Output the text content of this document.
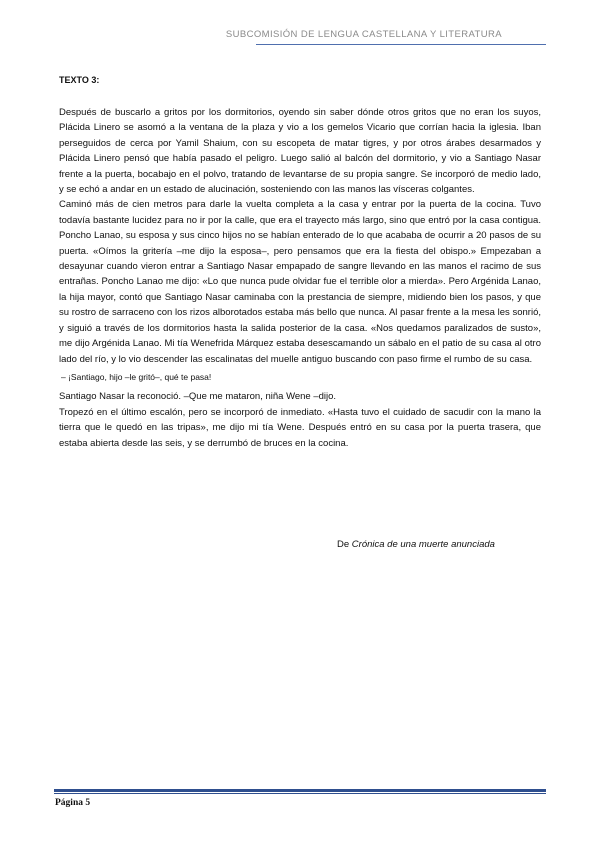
SUBCOMISIÓN DE LENGUA CASTELLANA Y LITERATURA
TEXTO 3:

Después de buscarlo a gritos por los dormitorios, oyendo sin saber dónde otros gritos que no eran los suyos, Plácida Linero se asomó a la ventana de la plaza y vio a los gemelos Vicario que corrían hacia la iglesia. Iban perseguidos de cerca por Yamil Shaium, con su escopeta de matar tigres, y por otros árabes desarmados y Plácida Linero pensó que había pasado el peligro. Luego salió al balcón del dormitorio, y vio a Santiago Nasar frente a la puerta, bocabajo en el polvo, tratando de levantarse de su propia sangre. Se incorporó de medio lado, y se echó a andar en un estado de alucinación, sosteniendo con las manos las vísceras colgantes.

Caminó más de cien metros para darle la vuelta completa a la casa y entrar por la puerta de la cocina. Tuvo todavía bastante lucidez para no ir por la calle, que era el trayecto más largo, sino que entró por la casa contigua. Poncho Lanao, su esposa y sus cinco hijos no se habían enterado de lo que acababa de ocurrir a 20 pasos de su puerta. «Oímos la gritería –me dijo la esposa–, pero pensamos que era la fiesta del obispo.» Empezaban a desayunar cuando vieron entrar a Santiago Nasar empapado de sangre llevando en las manos el racimo de sus entrañas. Poncho Lanao me dijo: «Lo que nunca pude olvidar fue el terrible olor a mierda». Pero Argénida Lanao, la hija mayor, contó que Santiago Nasar caminaba con la prestancia de siempre, midiendo bien los pasos, y que su rostro de sarraceno con los rizos alborotados estaba más bello que nunca. Al pasar frente a la mesa les sonrió, y siguió a través de los dormitorios hasta la salida posterior de la casa. «Nos quedamos paralizados de susto», me dijo Argénida Lanao. Mi tía Wenefrida Márquez estaba desescamando un sábalo en el patio de su casa al otro lado del río, y lo vio descender las escalinatas del muelle antiguo buscando con paso firme el rumbo de su casa.

– ¡Santiago, hijo –le gritó–, qué te pasa!

Santiago Nasar la reconoció. –Que me mataron, niña Wene –dijo.

Tropezó en el último escalón, pero se incorporó de inmediato. «Hasta tuvo el cuidado de sacudir con la mano la tierra que le quedó en las tripas», me dijo mi tía Wene. Después entró en su casa por la puerta trasera, que estaba abierta desde las seis, y se derrumbó de bruces en la cocina.

De Crónica de una muerte anunciada
Página 5
